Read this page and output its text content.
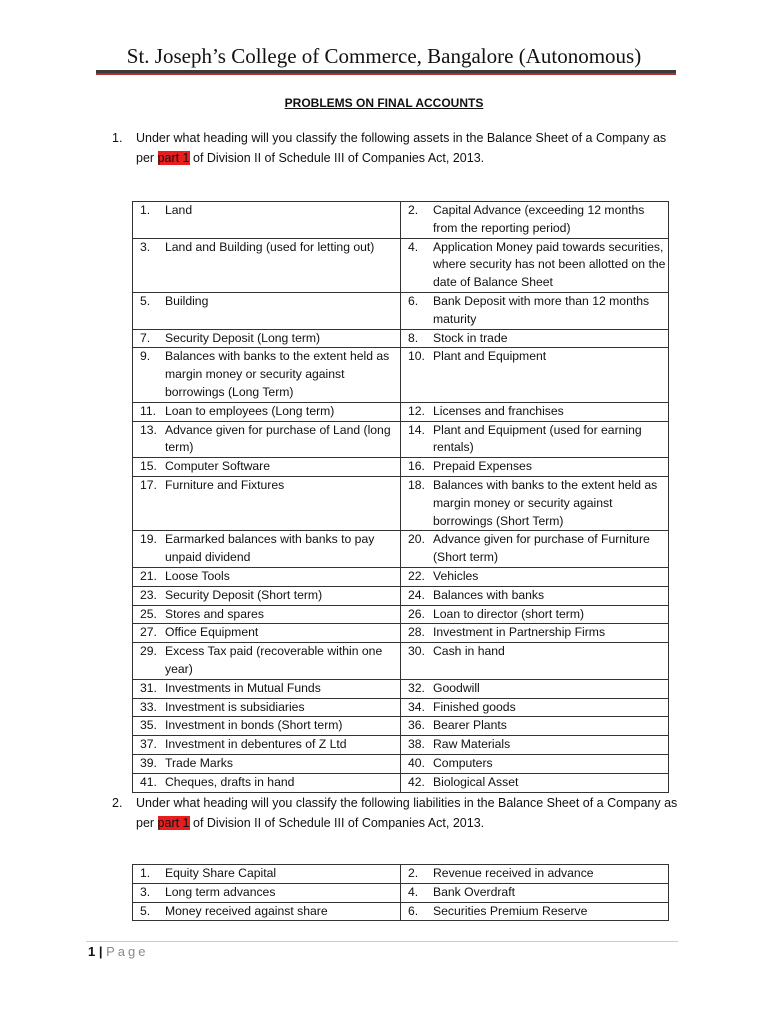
St. Joseph’s College of Commerce, Bangalore (Autonomous)
PROBLEMS ON FINAL ACCOUNTS
1. Under what heading will you classify the following assets in the Balance Sheet of a Company as per part 1 of Division II of Schedule III of Companies Act, 2013.
1. Land	2. Capital Advance (exceeding 12 months from the reporting period)

3. Land and Building (used for letting out)	4. Application Money paid towards securities, where security has not been allotted on the date of Balance Sheet

5. Building	6. Bank Deposit with more than 12 months maturity

7. Security Deposit (Long term)	8. Stock in trade

9. Balances with banks to the extent held as margin money or security against borrowings (Long Term)	10. Plant and Equipment

11. Loan to employees (Long term)	12. Licenses and franchises

13. Advance given for purchase of Land (long term)	14. Plant and Equipment (used for earning rentals)

15. Computer Software	16. Prepaid Expenses

17. Furniture and Fixtures	18. Balances with banks to the extent held as margin money or security against borrowings (Short Term)

19. Earmarked balances with banks to pay unpaid dividend	20. Advance given for purchase of Furniture (Short term)

21. Loose Tools	22. Vehicles

23. Security Deposit (Short term)	24. Balances with banks

25. Stores and spares	26. Loan to director (short term)

27. Office Equipment	28. Investment in Partnership Firms

29. Excess Tax paid (recoverable within one year)	30. Cash in hand

31. Investments in Mutual Funds	32. Goodwill

33. Investment is subsidiaries	34. Finished goods

35. Investment in bonds (Short term)	36. Bearer Plants

37. Investment in debentures of Z Ltd	38. Raw Materials

39. Trade Marks	40. Computers

41. Cheques, drafts in hand	42. Biological Asset
2. Under what heading will you classify the following liabilities in the Balance Sheet of a Company as per part 1 of Division II of Schedule III of Companies Act, 2013.
1. Equity Share Capital	2. Revenue received in advance

3. Long term advances	4. Bank Overdraft

5. Money received against share	6. Securities Premium Reserve
1 | Page
